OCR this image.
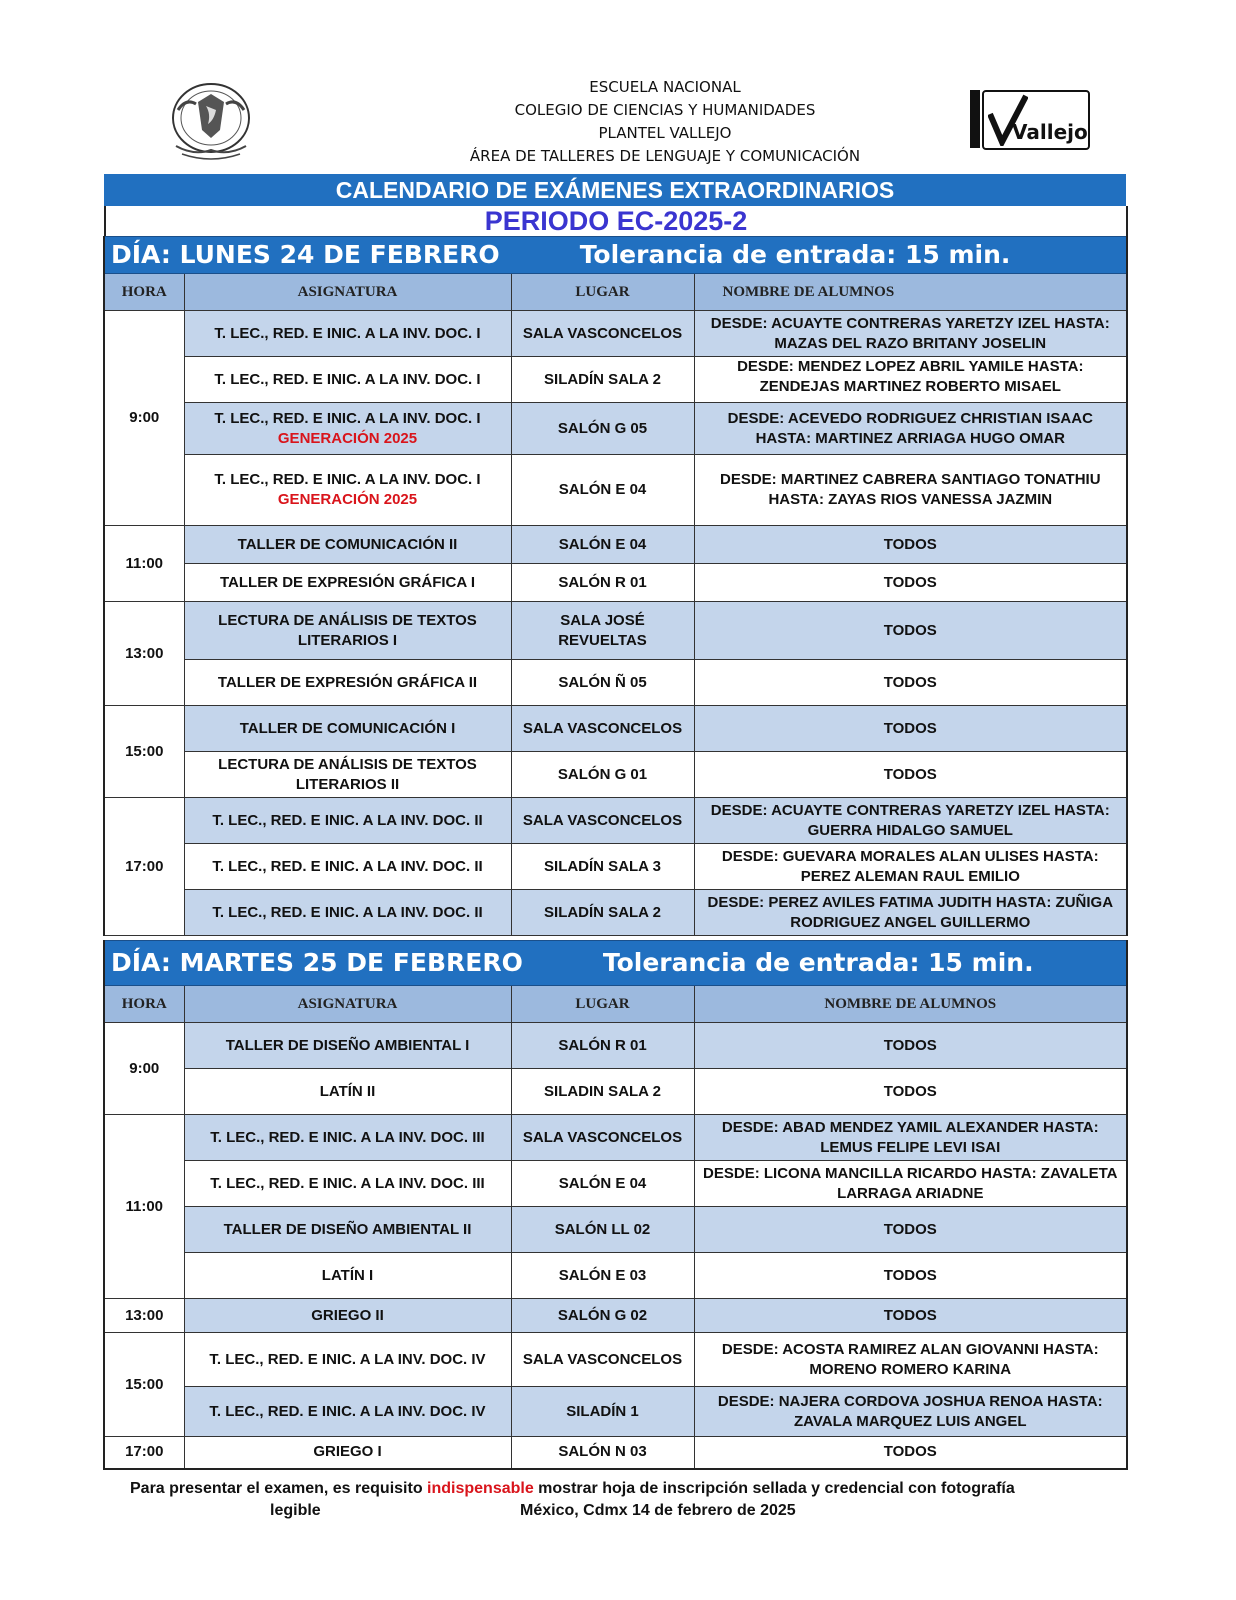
ESCUELA NACIONAL
COLEGIO DE CIENCIAS Y HUMANIDADES
PLANTEL VALLEJO
ÁREA DE TALLERES DE LENGUAJE Y COMUNICACIÓN
Vallejo
CALENDARIO DE EXÁMENES EXTRAORDINARIOS
PERIODO EC-2025-2
DÍA: LUNES 24 DE FEBRERO Tolerancia de entrada: 15 min.			
HORA	ASIGNATURA	LUGAR	NOMBRE DE ALUMNOS
9:00	T. LEC., RED. E INIC. A LA INV. DOC. I	SALA VASCONCELOS	DESDE: ACUAYTE CONTRERAS YARETZY IZEL HASTA: MAZAS DEL RAZO BRITANY JOSELIN
	T. LEC., RED. E INIC. A LA INV. DOC. I	SILADÍN SALA 2	DESDE: MENDEZ LOPEZ ABRIL YAMILE HASTA: ZENDEJAS MARTINEZ ROBERTO MISAEL

	T. LEC., RED. E INIC. A LA INV. DOC. I
GENERACIÓN 2025	SALÓN G 05	DESDE: ACEVEDO RODRIGUEZ CHRISTIAN ISAAC HASTA: MARTINEZ ARRIAGA HUGO OMAR

	T. LEC., RED. E INIC. A LA INV. DOC. I
GENERACIÓN 2025	SALÓN E 04	DESDE: MARTINEZ CABRERA SANTIAGO TONATHIU HASTA: ZAYAS RIOS VANESSA JAZMIN
11:00	TALLER DE COMUNICACIÓN II	SALÓN E 04	TODOS
	TALLER DE EXPRESIÓN GRÁFICA I	SALÓN R 01	TODOS
13:00	LECTURA DE ANÁLISIS DE TEXTOS LITERARIOS I	SALA JOSÉ REVUELTAS	TODOS
	TALLER DE EXPRESIÓN GRÁFICA II	SALÓN Ñ 05	TODOS
15:00	TALLER DE COMUNICACIÓN I	SALA VASCONCELOS	TODOS
	LECTURA DE ANÁLISIS DE TEXTOS LITERARIOS II	SALÓN G 01	TODOS
17:00	T. LEC., RED. E INIC. A LA INV. DOC. II	SALA VASCONCELOS	DESDE: ACUAYTE CONTRERAS YARETZY IZEL HASTA: GUERRA HIDALGO SAMUEL
	T. LEC., RED. E INIC. A LA INV. DOC. II	SILADÍN SALA 3	DESDE: GUEVARA MORALES ALAN ULISES HASTA: PEREZ ALEMAN RAUL EMILIO
	T. LEC., RED. E INIC. A LA INV. DOC. II	SILADÍN SALA 2	DESDE: PEREZ AVILES FATIMA JUDITH HASTA: ZUÑIGA RODRIGUEZ ANGEL GUILLERMO
DÍA: MARTES 25 DE FEBRERO Tolerancia de entrada: 15 min.			
HORA	ASIGNATURA	LUGAR	NOMBRE DE ALUMNOS
9:00	TALLER DE DISEÑO AMBIENTAL I	SALÓN R 01	TODOS
	LATÍN II	SILADIN SALA 2	TODOS
11:00	T. LEC., RED. E INIC. A LA INV. DOC. III	SALA VASCONCELOS	DESDE: ABAD MENDEZ YAMIL ALEXANDER HASTA: LEMUS FELIPE LEVI ISAI
	T. LEC., RED. E INIC. A LA INV. DOC. III	SALÓN E 04	DESDE: LICONA MANCILLA RICARDO HASTA: ZAVALETA LARRAGA ARIADNE
	TALLER DE DISEÑO AMBIENTAL II	SALÓN LL 02	TODOS
	LATÍN I	SALÓN E 03	TODOS
13:00	GRIEGO II	SALÓN G 02	TODOS
15:00	T. LEC., RED. E INIC. A LA INV. DOC. IV	SALA VASCONCELOS	DESDE: ACOSTA RAMIREZ ALAN GIOVANNI HASTA: MORENO ROMERO KARINA
	T. LEC., RED. E INIC. A LA INV. DOC. IV	SILADÍN 1	DESDE: NAJERA CORDOVA JOSHUA RENOA HASTA: ZAVALA MARQUEZ LUIS ANGEL
17:00	GRIEGO I	SALÓN N 03	TODOS
Para presentar el examen, es requisito indispensable mostrar hoja de inscripción sellada y credencial con fotografía
legible	México, Cdmx 14 de febrero de 2025
